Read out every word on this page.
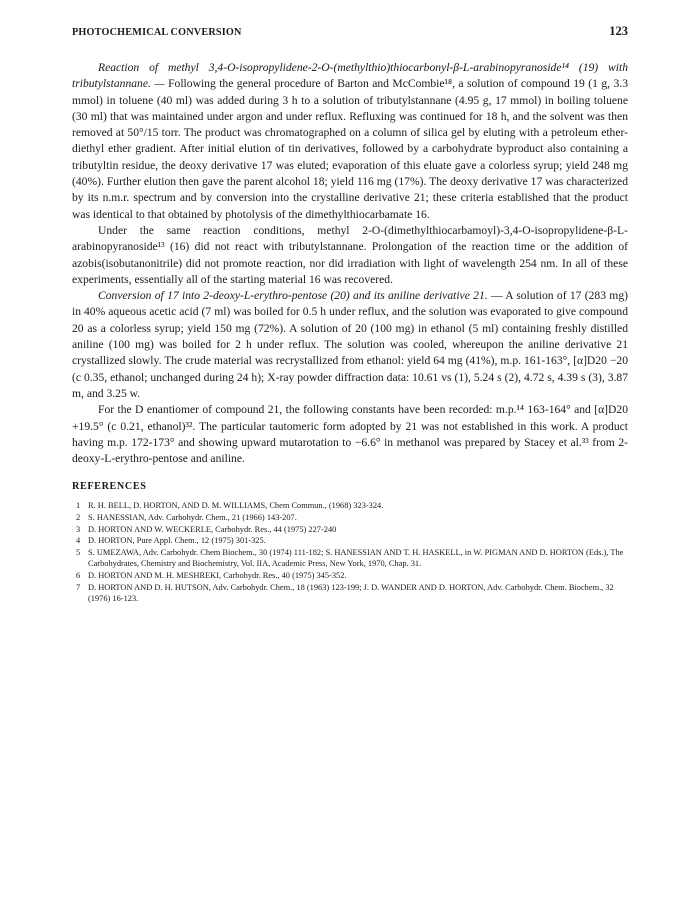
PHOTOCHEMICAL CONVERSION	123

Reaction of methyl 3,4-O-isopropylidene-2-O-(methylthio)thiocarbonyl-β-L-arabinopyranoside¹⁴ (19) with tributylstannane. — Following the general procedure of Barton and McCombie¹⁸, a solution of compound 19 (1 g, 3.3 mmol) in toluene (40 ml) was added during 3 h to a solution of tributylstannane (4.95 g, 17 mmol) in boiling toluene (30 ml) that was maintained under argon and under reflux. Refluxing was continued for 18 h, and the solvent was then removed at 50°/15 torr. The product was chromatographed on a column of silica gel by eluting with a petroleum ether-diethyl ether gradient. After initial elution of tin derivatives, followed by a carbohydrate byproduct also containing a tributyltin residue, the deoxy derivative 17 was eluted; evaporation of this eluate gave a colorless syrup; yield 248 mg (40%). Further elution then gave the parent alcohol 18; yield 116 mg (17%). The deoxy derivative 17 was characterized by its n.m.r. spectrum and by conversion into the crystalline derivative 21; these criteria established that the product was identical to that obtained by photolysis of the dimethylthiocarbamate 16.

Under the same reaction conditions, methyl 2-O-(dimethylthiocarbamoyl)-3,4-O-isopropylidene-β-L-arabinopyranoside¹³ (16) did not react with tributylstannane. Prolongation of the reaction time or the addition of azobis(isobutanonitrile) did not promote reaction, nor did irradiation with light of wavelength 254 nm. In all of these experiments, essentially all of the starting material 16 was recovered.

Conversion of 17 into 2-deoxy-L-erythro-pentose (20) and its aniline derivative 21. — A solution of 17 (283 mg) in 40% aqueous acetic acid (7 ml) was boiled for 0.5 h under reflux, and the solution was evaporated to give compound 20 as a colorless syrup; yield 150 mg (72%). A solution of 20 (100 mg) in ethanol (5 ml) containing freshly distilled aniline (100 mg) was boiled for 2 h under reflux. The solution was cooled, whereupon the aniline derivative 21 crystallized slowly. The crude material was recrystallized from ethanol: yield 64 mg (41%), m.p. 161-163°, [α]D20 −20 (c 0.35, ethanol; unchanged during 24 h); X-ray powder diffraction data: 10.61 vs (1), 5.24 s (2), 4.72 s, 4.39 s (3), 3.87 m, and 3.25 w.

For the D enantiomer of compound 21, the following constants have been recorded: m.p.¹⁴ 163-164° and [α]D20 +19.5° (c 0.21, ethanol)³². The particular tautomeric form adopted by 21 was not established in this work. A product having m.p. 172-173° and showing upward mutarotation to −6.6° in methanol was prepared by Stacey et al.³³ from 2-deoxy-L-erythro-pentose and aniline.

REFERENCES
1 R. H. BELL, D. HORTON, AND D. M. WILLIAMS, Chem Commun., (1968) 323-324.
2 S. HANESSIAN, Adv. Carbohydr. Chem., 21 (1966) 143-207.
3 D. HORTON AND W. WECKERLE, Carbohydr. Res., 44 (1975) 227-240
4 D. HORTON, Pure Appl. Chem., 12 (1975) 301-325.
5 S. UMEZAWA, Adv. Carbohydr. Chem Biochem., 30 (1974) 111-182; S. HANESSIAN AND T. H. HASKELL, in W. PIGMAN AND D. HORTON (Eds.), The Carbohydrates, Chemistry and Biochemistry, Vol. IIA, Academic Press, New York, 1970, Chap. 31.
6 D. HORTON AND M. H. MESHREKI, Carbohydr. Res., 40 (1975) 345-352.
7 D. HORTON AND D. H. HUTSON, Adv. Carbohydr. Chem., 18 (1963) 123-199; J. D. WANDER AND D. HORTON, Adv. Carbohydr. Chem. Biochem., 32 (1976) 16-123.
